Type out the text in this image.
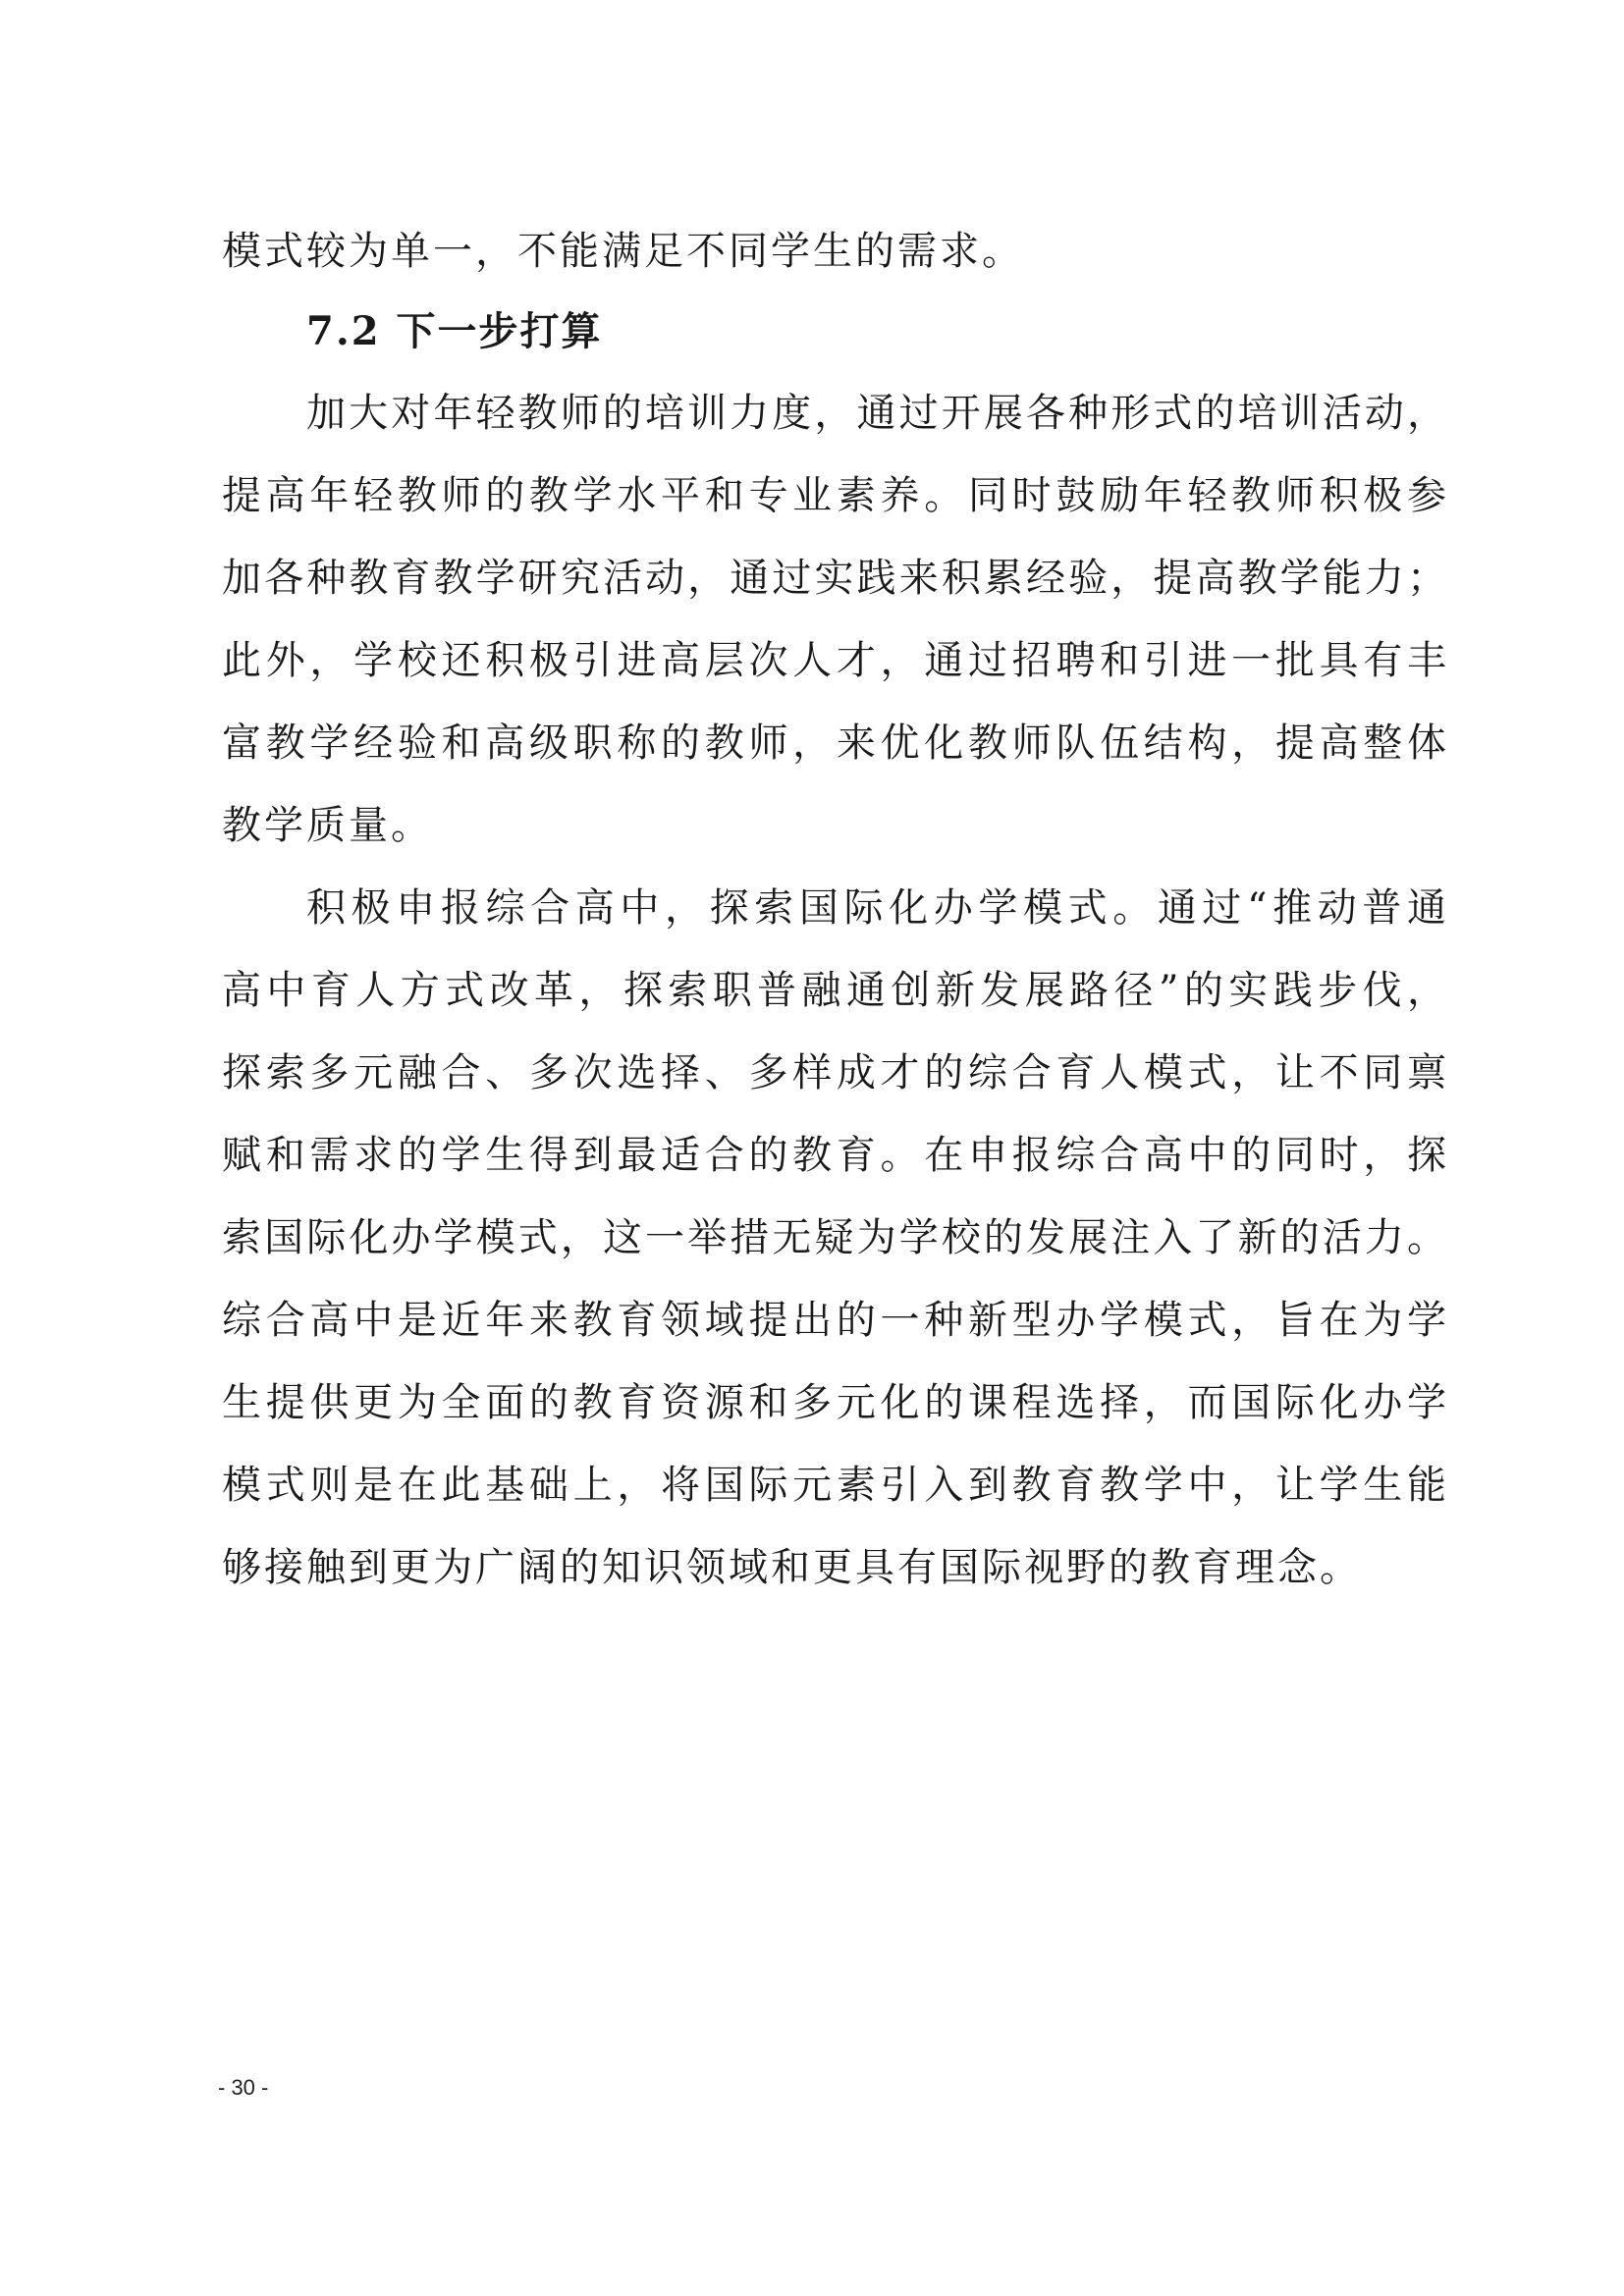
模式较为单一，不能满足不同学生的需求。
7.2 下一步打算
加大对年轻教师的培训力度，通过开展各种形式的培训活动，
提高年轻教师的教学水平和专业素养。同时鼓励年轻教师积极参
加各种教育教学研究活动，通过实践来积累经验，提高教学能力；
此外，学校还积极引进高层次人才，通过招聘和引进一批具有丰
富教学经验和高级职称的教师，来优化教师队伍结构，提高整体
教学质量。
积极申报综合高中，探索国际化办学模式。通过“推动普通
高中育人方式改革，探索职普融通创新发展路径”的实践步伐，
探索多元融合、多次选择、多样成才的综合育人模式，让不同禀
赋和需求的学生得到最适合的教育。在申报综合高中的同时，探
索国际化办学模式，这一举措无疑为学校的发展注入了新的活力。
综合高中是近年来教育领域提出的一种新型办学模式，旨在为学
生提供更为全面的教育资源和多元化的课程选择，而国际化办学
模式则是在此基础上，将国际元素引入到教育教学中，让学生能
够接触到更为广阔的知识领域和更具有国际视野的教育理念。
- 30 -
